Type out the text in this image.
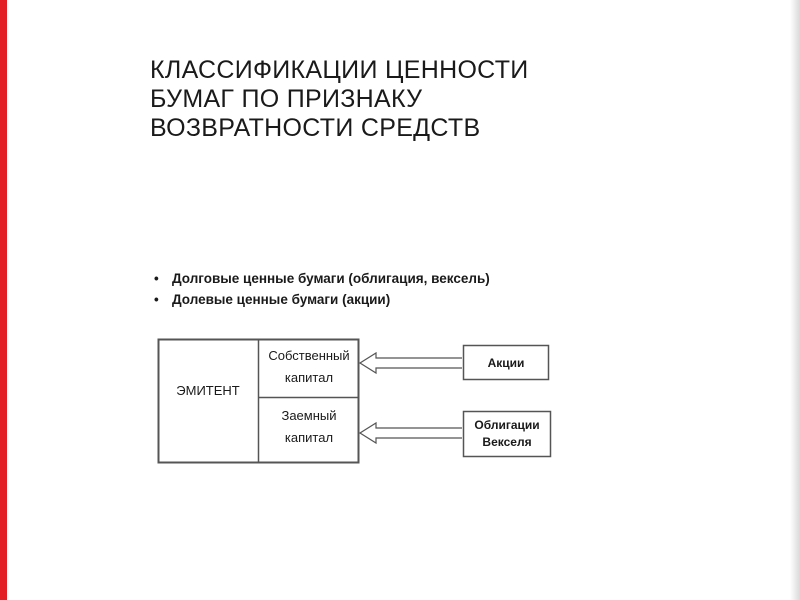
КЛАССИФИКАЦИИ ЦЕННОСТИ
БУМАГ ПО ПРИЗНАКУ
ВОЗВРАТНОСТИ СРЕДСТВ
• Долговые ценные бумаги (облигация, вексель)
• Долевые ценные бумаги (акции)
ЭМИТЕНТ
Собственный
капитал
Заемный
капитал
Акции
Облигации
Векселя
